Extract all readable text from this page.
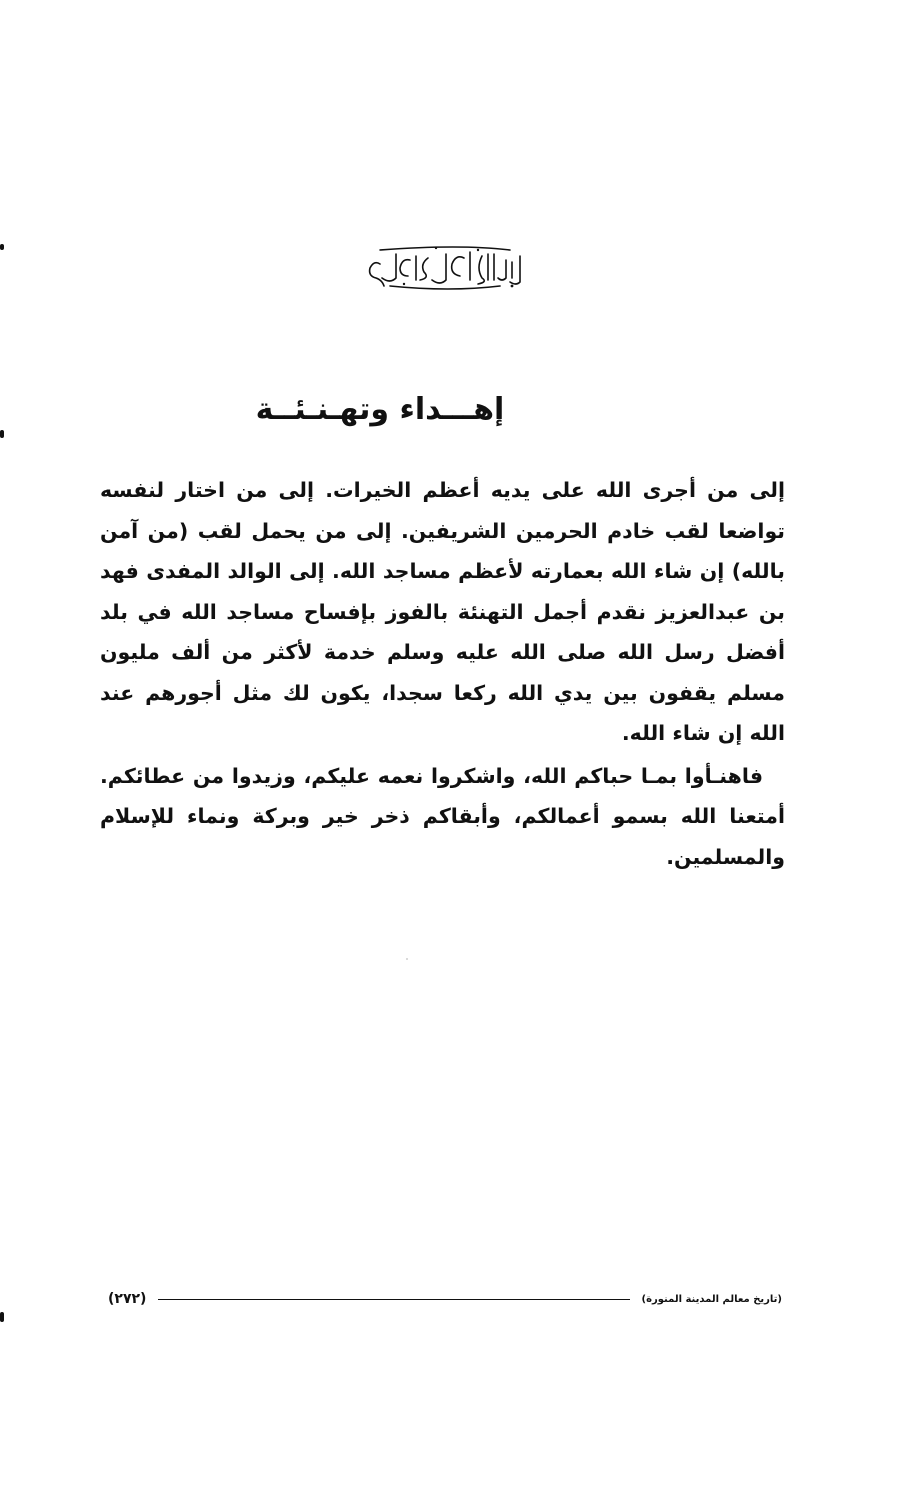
إهـــداء وتهـنـئــة

إلى من أجرى الله على يديه أعظم الخيرات. إلى من اختار لنفسه تواضعا لقب خادم الحرمين الشريفين. إلى من يحمل لقب (من آمن بالله) إن شاء الله بعمارته لأعظم مساجد الله. إلى الوالد المفدى فهد بن عبدالعزيز نقدم أجمل التهنئة بالفوز بإفساح مساجد الله في بلد أفضل رسل الله صلى الله عليه وسلم خدمة لأكثر من ألف مليون مسلم يقفون بين يدي الله ركعا سجدا، يكون لك مثل أجورهم عند الله إن شاء الله.

فاهنـأوا بمـا حباكم الله، واشكروا نعمه عليكم، وزيدوا من عطائكم. أمتعنا الله بسمو أعمالكم، وأبقاكم ذخر خير وبركة ونماء للإسلام والمسلمين.

(تاريخ معالم المدينة المنورة)
(٢٧٢)
